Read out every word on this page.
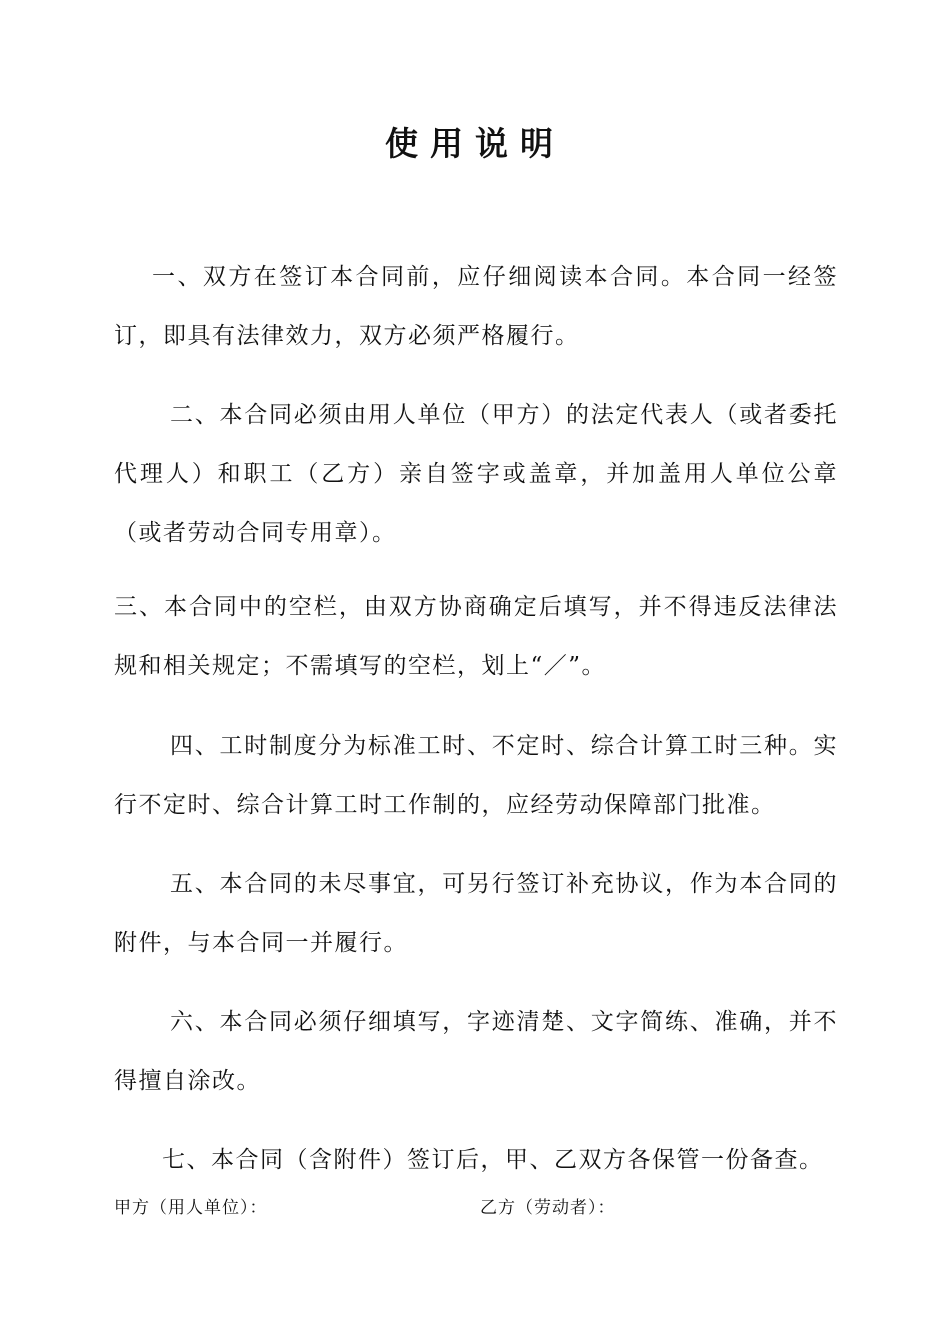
使用说明

一、双方在签订本合同前，应仔细阅读本合同。本合同一经签订，即具有法律效力，双方必须严格履行。

二、本合同必须由用人单位（甲方）的法定代表人（或者委托代理人）和职工（乙方）亲自签字或盖章，并加盖用人单位公章（或者劳动合同专用章）。

三、本合同中的空栏，由双方协商确定后填写，并不得违反法律法规和相关规定；不需填写的空栏，划上“／”。

四、工时制度分为标准工时、不定时、综合计算工时三种。实行不定时、综合计算工时工作制的，应经劳动保障部门批准。

五、本合同的未尽事宜，可另行签订补充协议，作为本合同的附件，与本合同一并履行。

六、本合同必须仔细填写，字迹清楚、文字简练、准确，并不得擅自涂改。

七、本合同（含附件）签订后，甲、乙双方各保管一份备查。

甲方（用人单位）：	乙方（劳动者）：
